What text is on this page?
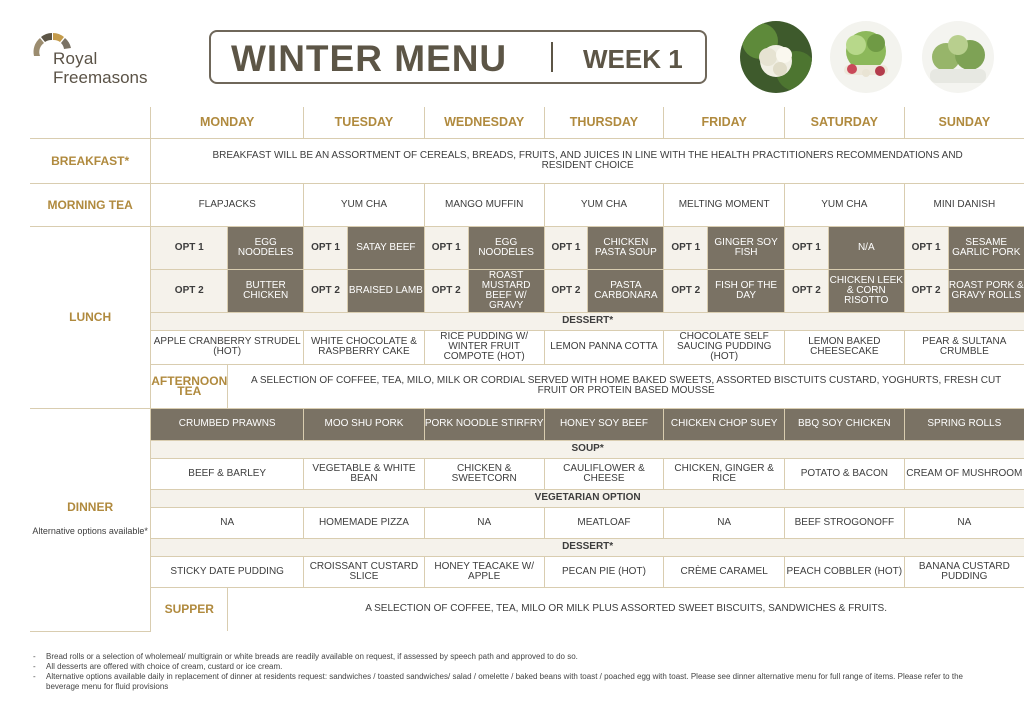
Royal
Freemasons WINTER MENU	WEEK 1
	MONDAY		TUESDAY		WEDNESDAY		THURSDAY		FRIDAY		SATURDAY		SUNDAY	
BREAKFAST*	BREAKFAST WILL BE AN ASSORTMENT OF CEREALS, BREADS, FRUITS, AND JUICES IN LINE WITH THE HEALTH PRACTITIONERS RECOMMENDATIONS AND RESIDENT CHOICE													
MORNING TEA	FLAPJACKS		YUM CHA		MANGO MUFFIN		YUM CHA		MELTING MOMENT		YUM CHA		MINI DANISH	
LUNCH	OPT 1	EGG NOODELES	OPT 1	SATAY BEEF	OPT 1	EGG NOODELES	OPT 1	CHICKEN PASTA SOUP	OPT 1	GINGER SOY FISH	OPT 1	N/A	OPT 1	SESAME GARLIC PORK
	OPT 2	BUTTER CHICKEN	OPT 2	BRAISED LAMB	OPT 2	ROAST MUSTARD BEEF W/ GRAVY	OPT 2	PASTA CARBONARA	OPT 2	FISH OF THE DAY	OPT 2	CHICKEN LEEK & CORN RISOTTO	OPT 2	ROAST PORK & GRAVY ROLLS
	DESSERT*													
	APPLE CRANBERRY STRUDEL (HOT)		WHITE CHOCOLATE & RASPBERRY CAKE		RICE PUDDING W/ WINTER FRUIT COMPOTE (HOT)		LEMON PANNA COTTA		CHOCOLATE SELF SAUCING PUDDING (HOT)		LEMON BAKED CHEESECAKE		PEAR & SULTANA CRUMBLE	
	AFTERNOON TEA	A SELECTION OF COFFEE, TEA, MILO, MILK OR CORDIAL SERVED WITH HOME BAKED SWEETS, ASSORTED BISCTUITS CUSTARD, YOGHURTS, FRESH CUT FRUIT OR PROTEIN BASED MOUSSE												
DINNER
Alternative options available*	CRUMBED PRAWNS		MOO SHU PORK		PORK NOODLE STIRFRY		HONEY SOY BEEF		CHICKEN CHOP SUEY		BBQ SOY CHICKEN		SPRING ROLLS	
	SOUP*													
	BEEF & BARLEY		VEGETABLE & WHITE BEAN		CHICKEN & SWEETCORN		CAULIFLOWER & CHEESE		CHICKEN, GINGER & RICE		POTATO & BACON		CREAM OF MUSHROOM	
	VEGETARIAN OPTION													
	NA		HOMEMADE PIZZA		NA		MEATLOAF		NA		BEEF STROGONOFF		NA	
	DESSERT*													
	STICKY DATE PUDDING		CROISSANT CUSTARD SLICE		HONEY TEACAKE W/ APPLE		PECAN PIE (HOT)		CRÈME CARAMEL		PEACH COBBLER (HOT)		BANANA CUSTARD PUDDING	
	SUPPER	A SELECTION OF COFFEE, TEA, MILO OR MILK PLUS ASSORTED SWEET BISCUITS, SANDWICHES & FRUITS.												
- Bread rolls or a selection of wholemeal/ multigrain or white breads are readily available on request, if assessed by speech path and approved to do so.
- All desserts are offered with choice of cream, custard or ice cream.
- Alternative options available daily in replacement of dinner at residents request: sandwiches / toasted sandwiches/ salad / omelette / baked beans with toast / poached egg with toast. Please see dinner alternative menu for full range of items. Please refer to the beverage menu for fluid provisions
